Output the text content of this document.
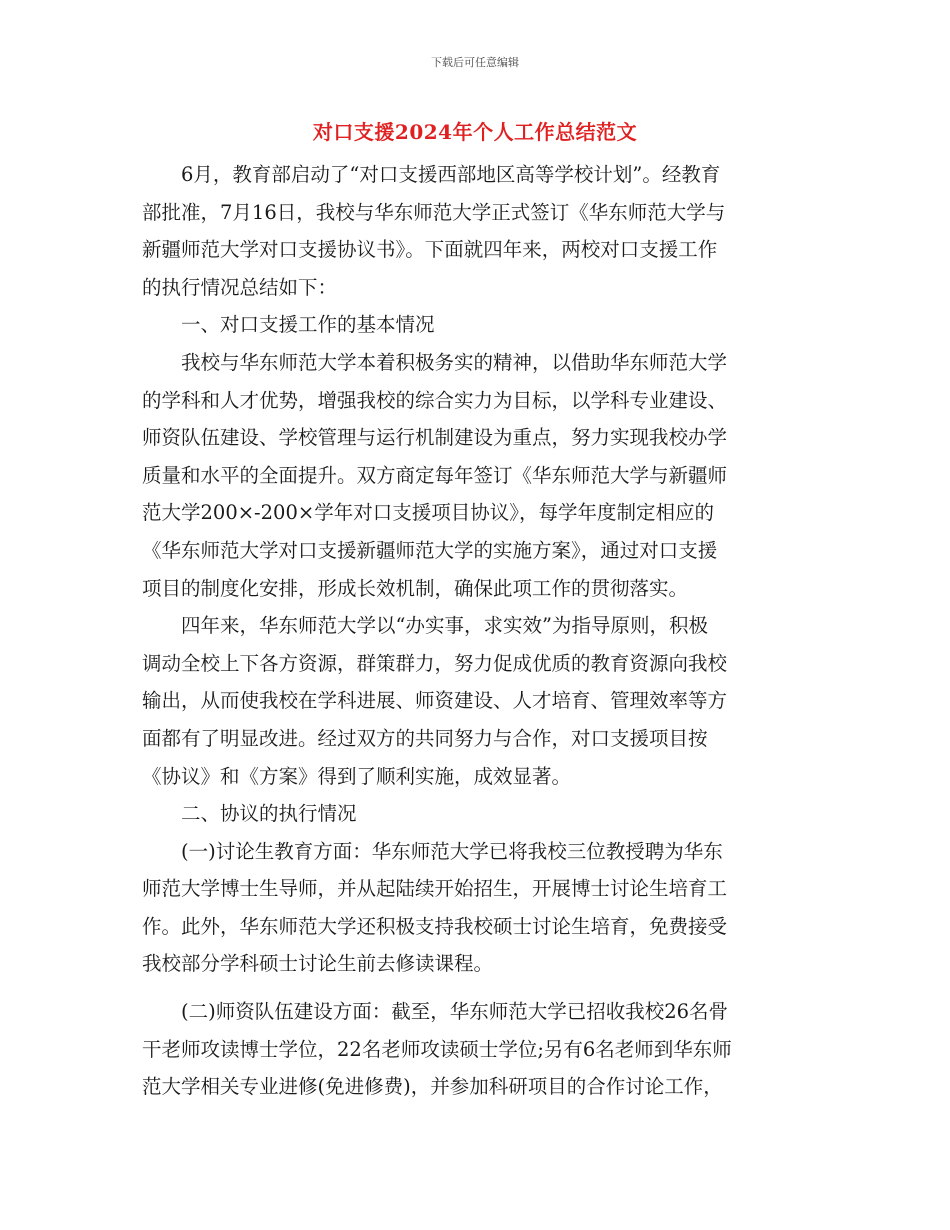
下载后可任意编辑
对口支援2024年个人工作总结范文

6月，教育部启动了“对口支援西部地区高等学校计划”。经教育

部批准，7月16日，我校与华东师范大学正式签订《华东师范大学与

新疆师范大学对口支援协议书》。下面就四年来，两校对口支援工作

的执行情况总结如下：

一、对口支援工作的基本情况

我校与华东师范大学本着积极务实的精神，以借助华东师范大学

的学科和人才优势，增强我校的综合实力为目标，以学科专业建设、

师资队伍建设、学校管理与运行机制建设为重点，努力实现我校办学

质量和水平的全面提升。双方商定每年签订《华东师范大学与新疆师

范大学200×-200×学年对口支援项目协议》，每学年度制定相应的

《华东师范大学对口支援新疆师范大学的实施方案》，通过对口支援

项目的制度化安排，形成长效机制，确保此项工作的贯彻落实。

四年来，华东师范大学以“办实事，求实效”为指导原则，积极

调动全校上下各方资源，群策群力，努力促成优质的教育资源向我校

输出，从而使我校在学科进展、师资建设、人才培育、管理效率等方

面都有了明显改进。经过双方的共同努力与合作，对口支援项目按

《协议》和《方案》得到了顺利实施，成效显著。

二、协议的执行情况

(一)讨论生教育方面：华东师范大学已将我校三位教授聘为华东

师范大学博士生导师，并从起陆续开始招生，开展博士讨论生培育工

作。此外，华东师范大学还积极支持我校硕士讨论生培育，免费接受

我校部分学科硕士讨论生前去修读课程。

(二)师资队伍建设方面：截至，华东师范大学已招收我校26名骨

干老师攻读博士学位，22名老师攻读硕士学位;另有6名老师到华东师

范大学相关专业进修(免进修费)，并参加科研项目的合作讨论工作，
